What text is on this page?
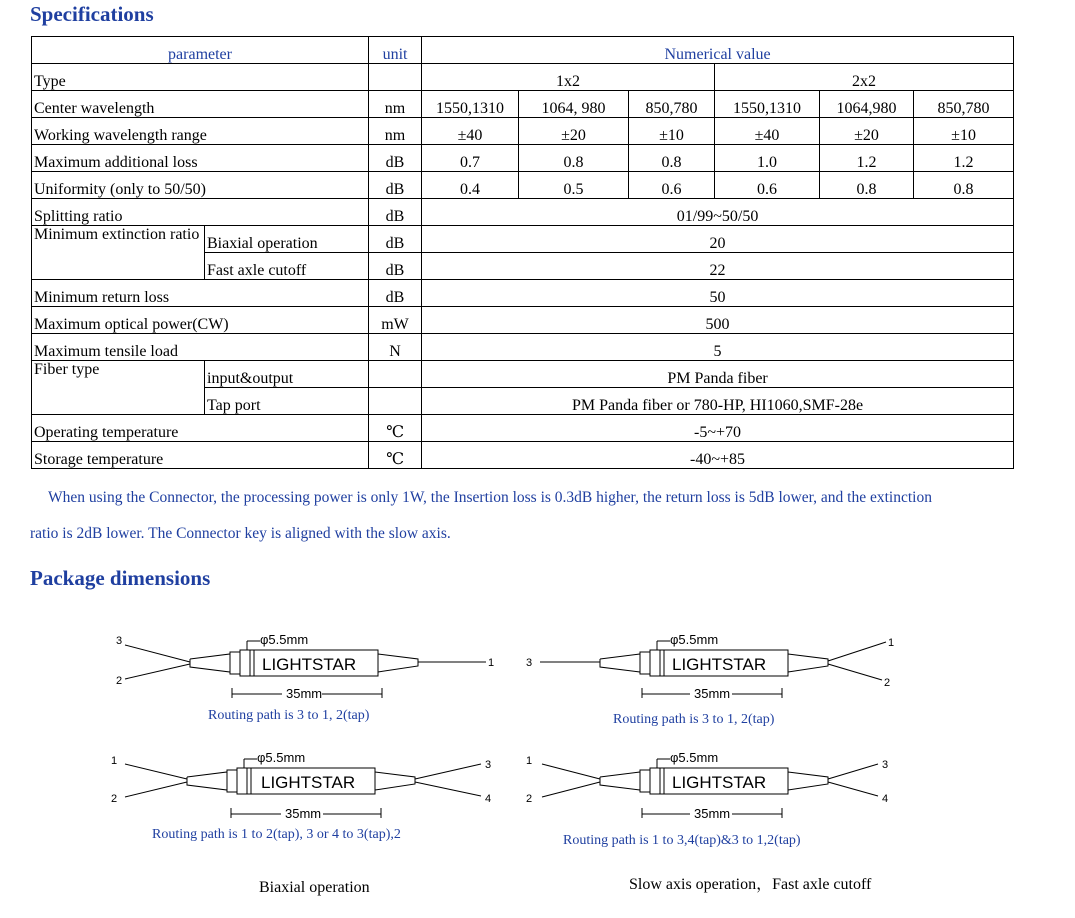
Specifications
parameter		unit	Numerical value					
Type			1x2			2x2		
Center wavelength		nm	1550,1310	1064, 980	850,780	1550,1310	1064,980	850,780
Working wavelength range		nm	±40	±20	±10	±40	±20	±10
Maximum additional loss		dB	0.7	0.8	0.8	1.0	1.2	1.2
Uniformity (only to 50/50)		dB	0.4	0.5	0.6	0.6	0.8	0.8
Splitting ratio		dB	01/99~50/50					
Minimum extinction ratio	Biaxial operation	dB	20					
	Fast axle cutoff	dB	22					
Minimum return loss		dB	50					
Maximum optical power(CW)		mW	500					
Maximum tensile load		N	5					
Fiber type	input&output		PM Panda fiber					
	Tap port		PM Panda fiber or 780-HP, HI1060,SMF-28e					
Operating temperature		℃	-5~+70					
Storage temperature		℃	-40~+85					
When using the Connector, the processing power is only 1W, the Insertion loss is 0.3dB higher, the return loss is 5dB lower, and the extinction
ratio is 2dB lower. The Connector key is aligned with the slow axis.
Package dimensions
3
2
1
φ5.5mm
LIGHTSTAR
35mm
Routing path is 3 to 1, 2(tap)
3
1
2
φ5.5mm
LIGHTSTAR
35mm
Routing path is 3 to 1, 2(tap)
1
2
3
4
φ5.5mm
LIGHTSTAR
35mm
Routing path is 1 to 2(tap), 3 or 4 to 3(tap),2
1
2
3
4
φ5.5mm
LIGHTSTAR
35mm
Routing path is 1 to 3,4(tap)&3 to 1,2(tap)
Biaxial operation	Slow axis operation，Fast axle cutoff
